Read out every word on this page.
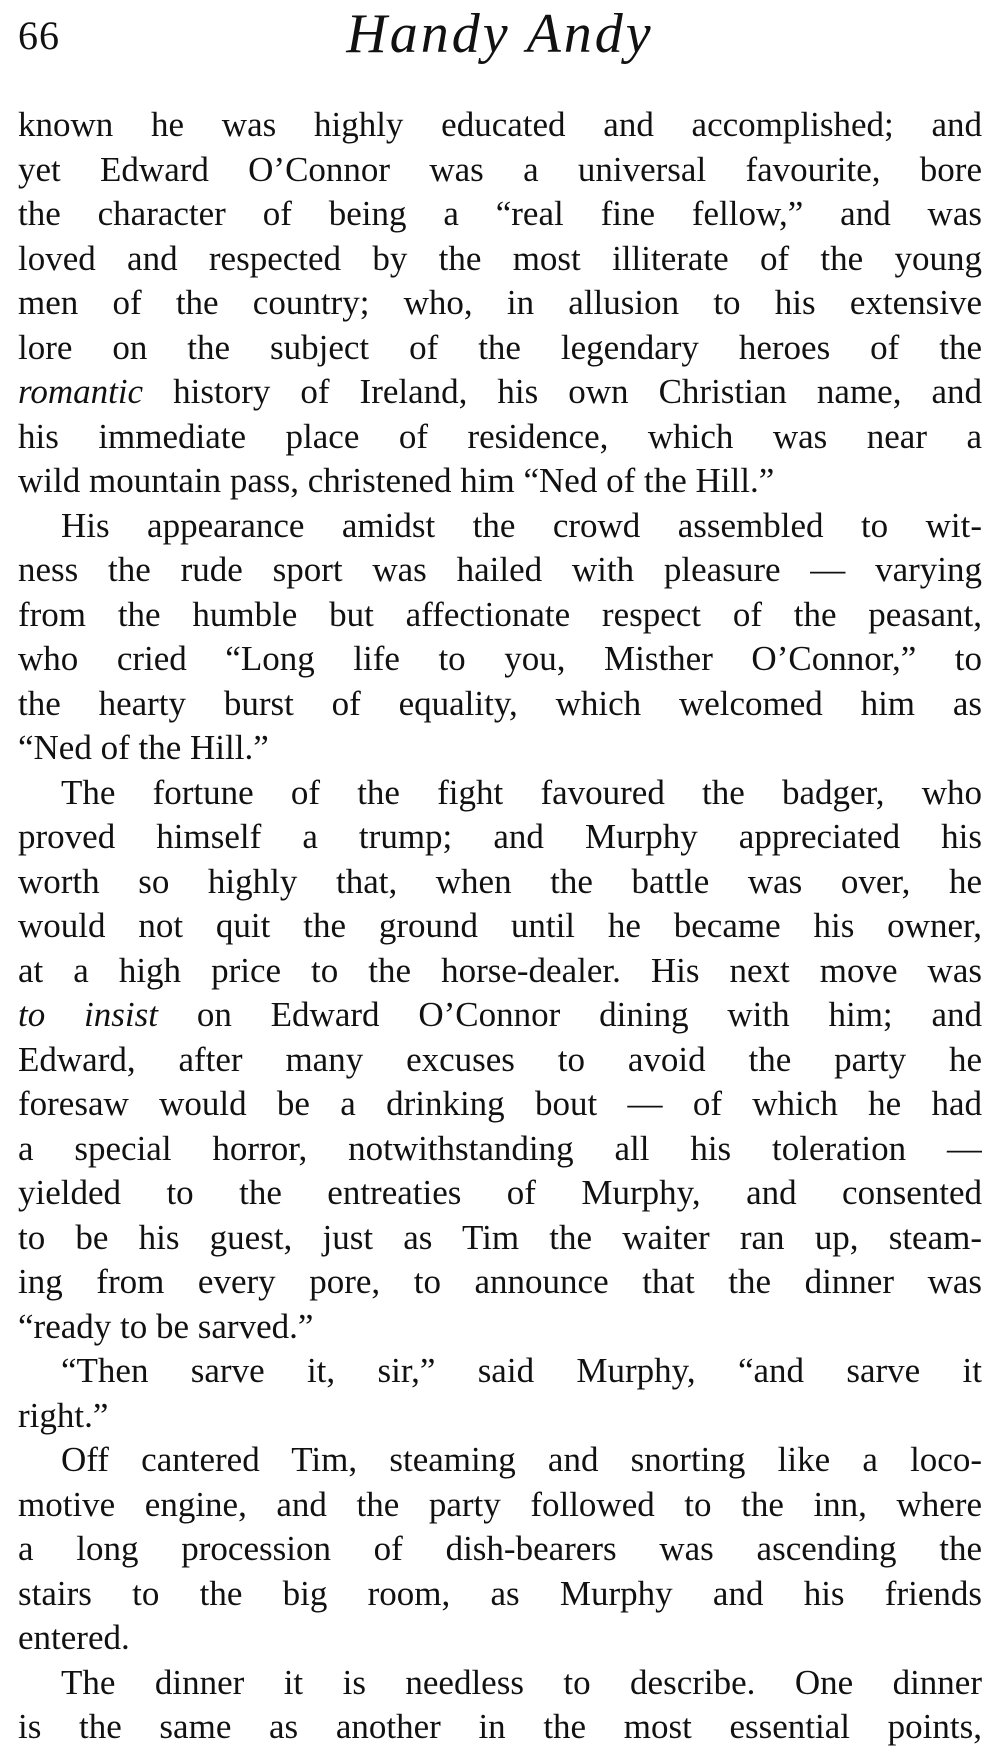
66	Handy Andy
known he was highly educated and accomplished; and
yet Edward O’Connor was a universal favourite, bore
the character of being a “real fine fellow,” and was
loved and respected by the most illiterate of the young
men of the country; who, in allusion to his extensive
lore on the subject of the legendary heroes of the
romantic history of Ireland, his own Christian name, and
his immediate place of residence, which was near a
wild mountain pass, christened him “Ned of the Hill.”
His appearance amidst the crowd assembled to wit-
ness the rude sport was hailed with pleasure — varying
from the humble but affectionate respect of the peasant,
who cried “Long life to you, Misther O’Connor,” to
the hearty burst of equality, which welcomed him as
“Ned of the Hill.”
The fortune of the fight favoured the badger, who
proved himself a trump; and Murphy appreciated his
worth so highly that, when the battle was over, he
would not quit the ground until he became his owner,
at a high price to the horse-dealer. His next move was
to insist on Edward O’Connor dining with him; and
Edward, after many excuses to avoid the party he
foresaw would be a drinking bout — of which he had
a special horror, notwithstanding all his toleration —
yielded to the entreaties of Murphy, and consented
to be his guest, just as Tim the waiter ran up, steam-
ing from every pore, to announce that the dinner was
“ready to be sarved.”
“Then sarve it, sir,” said Murphy, “and sarve it
right.”
Off cantered Tim, steaming and snorting like a loco-
motive engine, and the party followed to the inn, where
a long procession of dish-bearers was ascending the
stairs to the big room, as Murphy and his friends
entered.
The dinner it is needless to describe. One dinner
is the same as another in the most essential points,
